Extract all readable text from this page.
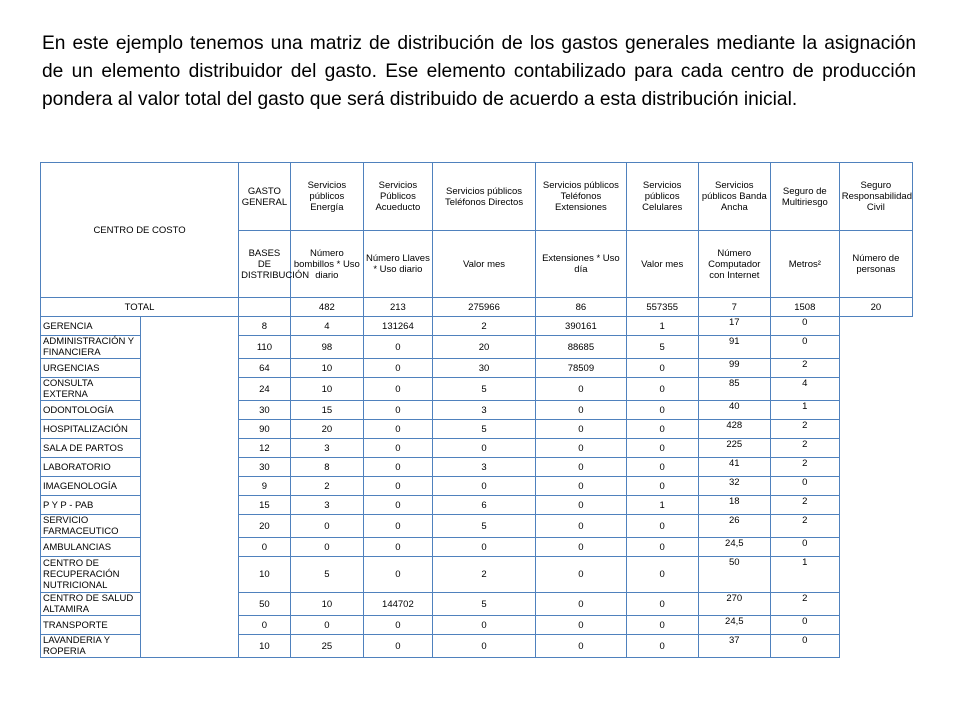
En este ejemplo tenemos una matriz de distribución de los gastos generales mediante la asignación de un elemento distribuidor del gasto. Ese elemento contabilizado para cada centro de producción pondera al valor total del gasto que será distribuido de acuerdo a esta distribución inicial.

CENTRO DE COSTO		GASTO GENERAL	Servicios públicos Energía	Servicios Públicos Acueducto	Servicios públicos Teléfonos Directos	Servicios públicos Teléfonos Extensiones	Servicios públicos Celulares	Servicios públicos Banda Ancha	Seguro de Multiriesgo	Seguro Responsabilidad Civil
		BASES DE DISTRIBUCIÓN	Número bombillos * Uso diario	Número Llaves * Uso diario	Valor mes	Extensiones * Uso día	Valor mes	Número Computador con Internet	Metros²	Número de personas
TOTAL			482	213	275966	86	557355	7	1508	20
GERENCIA		8	4	131264	2	390161	1	17	0	
ADMINISTRACIÓN Y FINANCIERA		110	98	0	20	88685	5	91	0	
URGENCIAS		64	10	0	30	78509	0	99	2	
CONSULTA EXTERNA		24	10	0	5	0	0	85	4	
ODONTOLOGÍA		30	15	0	3	0	0	40	1	
HOSPITALIZACIÓN		90	20	0	5	0	0	428	2	
SALA DE PARTOS		12	3	0	0	0	0	225	2	
LABORATORIO		30	8	0	3	0	0	41	2	
IMAGENOLOGÍA		9	2	0	0	0	0	32	0	
P Y P - PAB		15	3	0	6	0	1	18	2	
SERVICIO FARMACEUTICO		20	0	0	5	0	0	26	2	
AMBULANCIAS		0	0	0	0	0	0	24,5	0	
CENTRO DE RECUPERACIÓN NUTRICIONAL		10	5	0	2	0	0	50	1	
CENTRO DE SALUD ALTAMIRA		50	10	144702	5	0	0	270	2	
TRANSPORTE		0	0	0	0	0	0	24,5	0	
LAVANDERIA Y ROPERIA		10	25	0	0	0	0	37	0	
